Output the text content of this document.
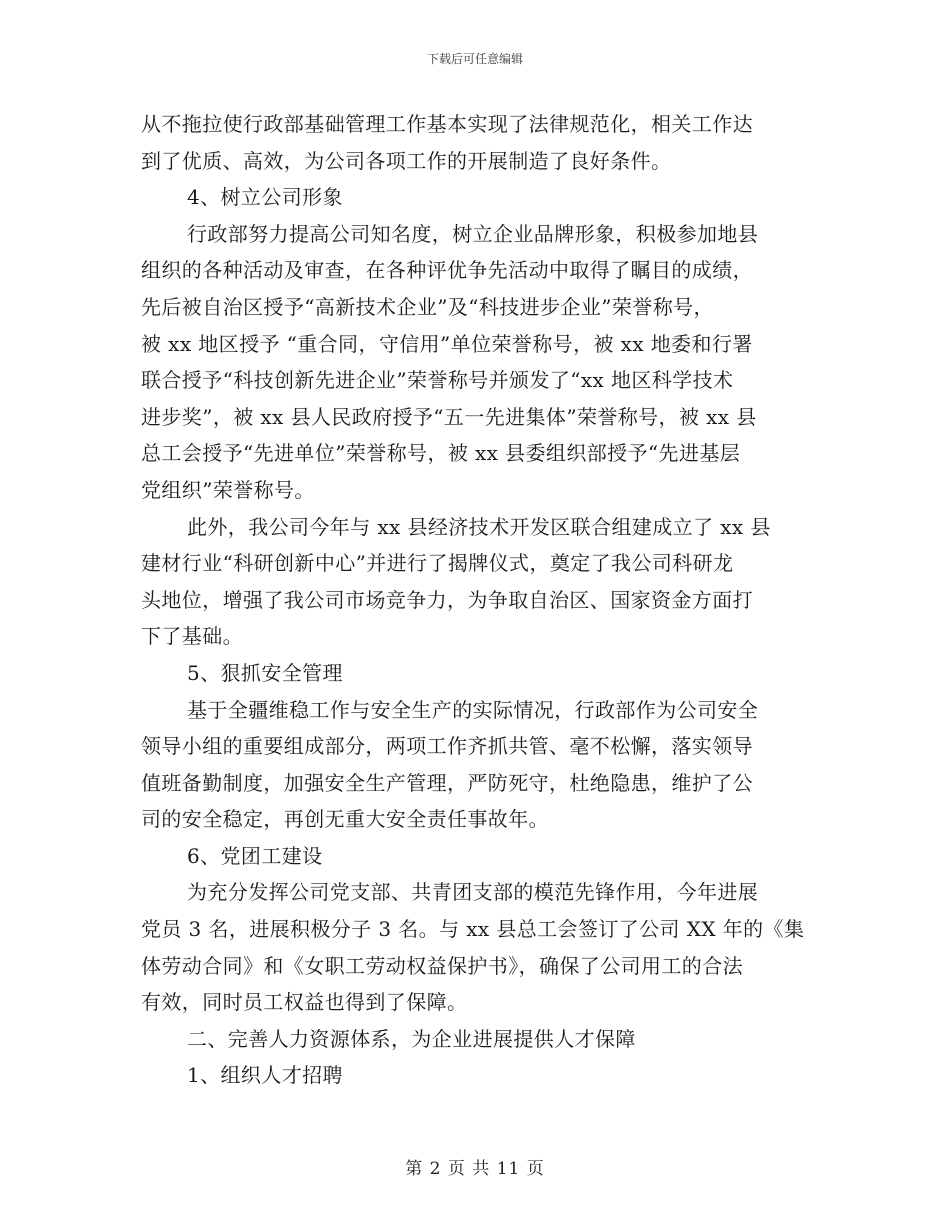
下载后可任意编辑

从不拖拉使行政部基础管理工作基本实现了法律规范化，相关工作达

到了优质、高效，为公司各项工作的开展制造了良好条件。

4、树立公司形象

行政部努力提高公司知名度，树立企业品牌形象，积极参加地县

组织的各种活动及审查，在各种评优争先活动中取得了瞩目的成绩，

先后被自治区授予“高新技术企业”及“科技进步企业”荣誉称号，

被 xx 地区授予 “重合同，守信用”单位荣誉称号，被 xx 地委和行署

联合授予“科技创新先进企业”荣誉称号并颁发了“xx 地区科学技术

进步奖”，被 xx 县人民政府授予“五一先进集体”荣誉称号，被 xx 县

总工会授予“先进单位”荣誉称号，被 xx 县委组织部授予“先进基层

党组织”荣誉称号。

此外，我公司今年与 xx 县经济技术开发区联合组建成立了 xx 县

建材行业“科研创新中心”并进行了揭牌仪式，奠定了我公司科研龙

头地位，增强了我公司市场竞争力，为争取自治区、国家资金方面打

下了基础。

5、狠抓安全管理

基于全疆维稳工作与安全生产的实际情况，行政部作为公司安全

领导小组的重要组成部分，两项工作齐抓共管、毫不松懈，落实领导

值班备勤制度，加强安全生产管理，严防死守，杜绝隐患，维护了公

司的安全稳定，再创无重大安全责任事故年。

6、党团工建设

为充分发挥公司党支部、共青团支部的模范先锋作用，今年进展

党员 3 名，进展积极分子 3 名。与 xx 县总工会签订了公司 XX 年的《集

体劳动合同》和《女职工劳动权益保护书》，确保了公司用工的合法

有效，同时员工权益也得到了保障。

二、完善人力资源体系，为企业进展提供人才保障

1、组织人才招聘

第 2 页 共 11 页
